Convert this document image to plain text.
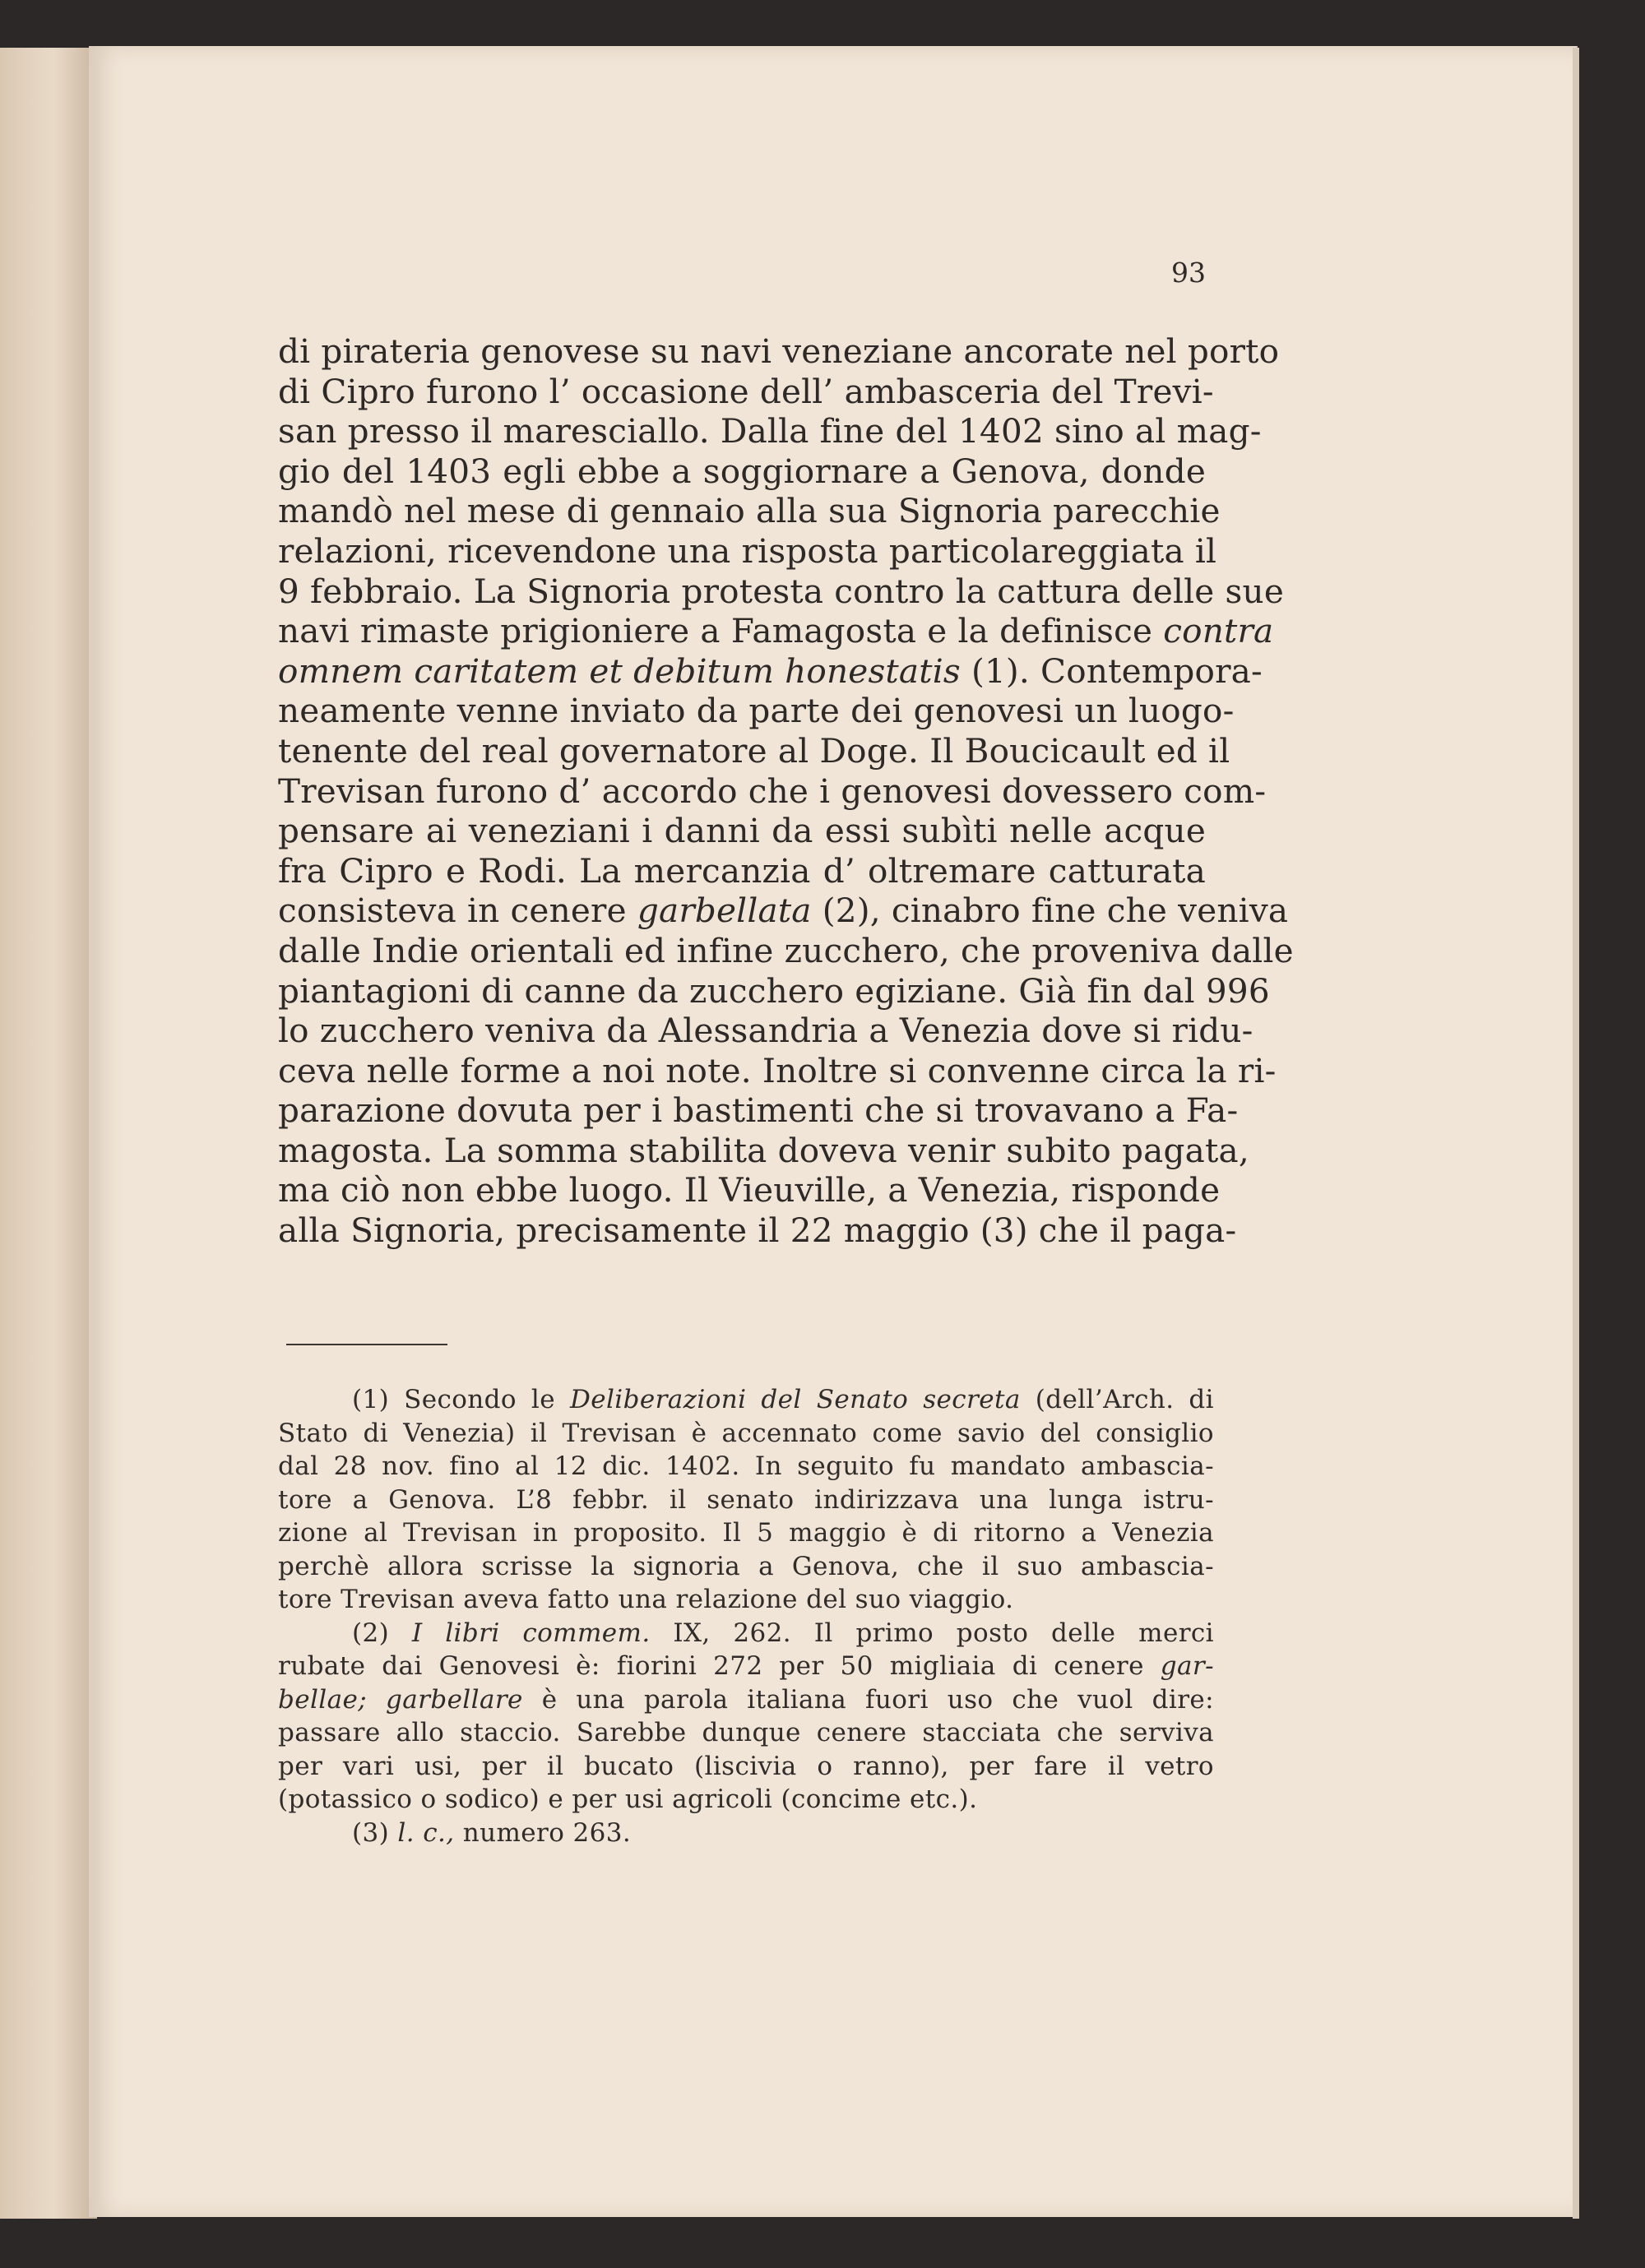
93
di pirateria genovese su navi veneziane ancorate nel porto
di Cipro furono l’ occasione dell’ ambasceria del Trevi-
san presso il maresciallo. Dalla fine del 1402 sino al mag-
gio del 1403 egli ebbe a soggiornare a Genova, donde
mandò nel mese di gennaio alla sua Signoria parecchie
relazioni, ricevendone una risposta particolareggiata il
9 febbraio. La Signoria protesta contro la cattura delle sue
navi rimaste prigioniere a Famagosta e la definisce contra
omnem caritatem et debitum honestatis (1). Contempora-
neamente venne inviato da parte dei genovesi un luogo-
tenente del real governatore al Doge. Il Boucicault ed il
Trevisan furono d’ accordo che i genovesi dovessero com-
pensare ai veneziani i danni da essi subìti nelle acque
fra Cipro e Rodi. La mercanzia d’ oltremare catturata
consisteva in cenere garbellata (2), cinabro fine che veniva
dalle Indie orientali ed infine zucchero, che proveniva dalle
piantagioni di canne da zucchero egiziane. Già fin dal 996
lo zucchero veniva da Alessandria a Venezia dove si ridu-
ceva nelle forme a noi note. Inoltre si convenne circa la ri-
parazione dovuta per i bastimenti che si trovavano a Fa-
magosta. La somma stabilita doveva venir subito pagata,
ma ciò non ebbe luogo. Il Vieuville, a Venezia, risponde
alla Signoria, precisamente il 22 maggio (3) che il paga-
(1) Secondo le Deliberazioni del Senato secreta (dell’Arch. di
Stato di Venezia) il Trevisan è accennato come savio del consiglio
dal 28 nov. fino al 12 dic. 1402. In seguito fu mandato ambascia-
tore a Genova. L’8 febbr. il senato indirizzava una lunga istru-
zione al Trevisan in proposito. Il 5 maggio è di ritorno a Venezia
perchè allora scrisse la signoria a Genova, che il suo ambascia-
tore Trevisan aveva fatto una relazione del suo viaggio.
(2) I libri commem. IX, 262. Il primo posto delle merci
rubate dai Genovesi è: fiorini 272 per 50 migliaia di cenere gar-
bellae; garbellare è una parola italiana fuori uso che vuol dire:
passare allo staccio. Sarebbe dunque cenere stacciata che serviva
per vari usi, per il bucato (liscivia o ranno), per fare il vetro
(potassico o sodico) e per usi agricoli (concime etc.).
(3) l. c., numero 263.
